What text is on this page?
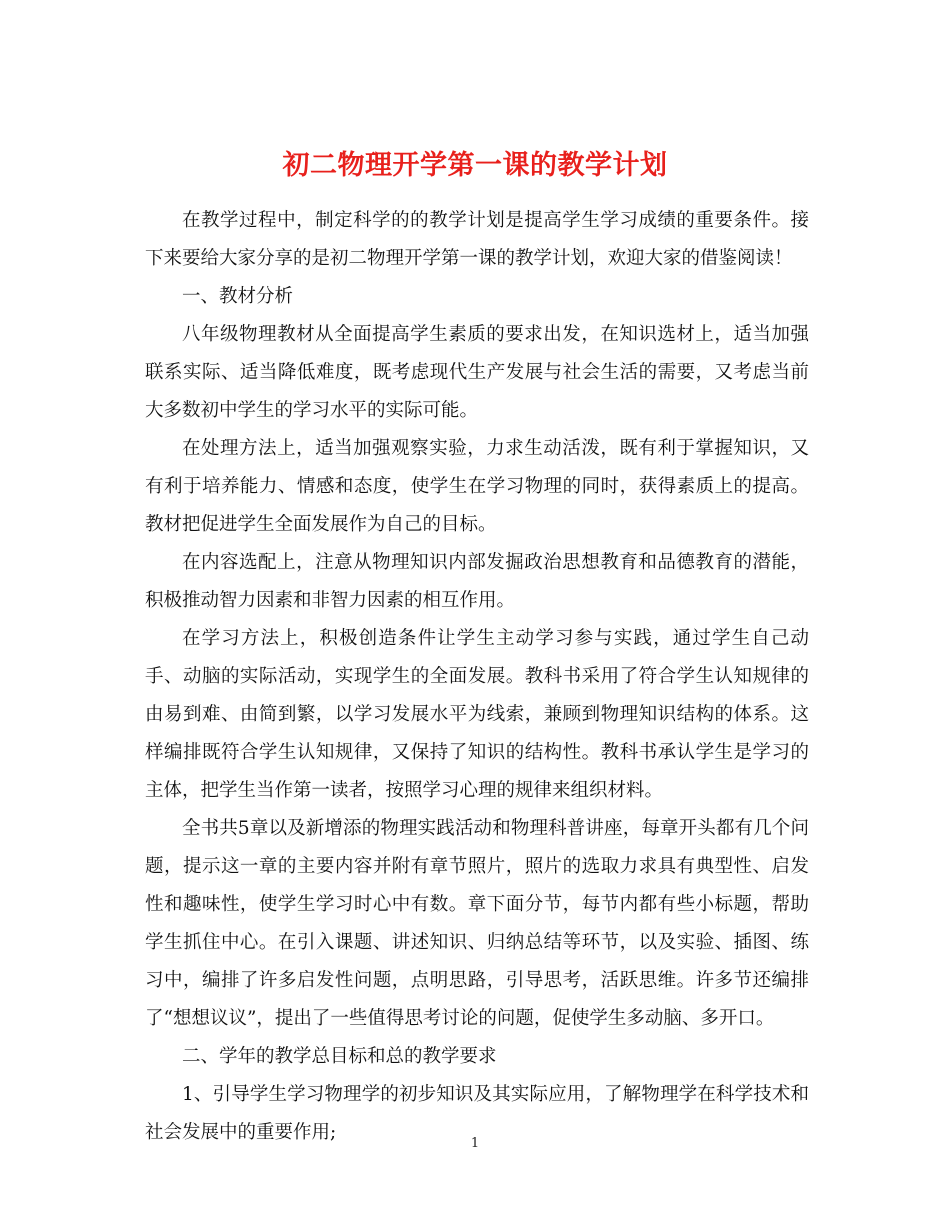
初二物理开学第一课的教学计划

在教学过程中，制定科学的的教学计划是提高学生学习成绩的重要条件。接下来要给大家分享的是初二物理开学第一课的教学计划，欢迎大家的借鉴阅读！

一、教材分析

八年级物理教材从全面提高学生素质的要求出发，在知识选材上，适当加强联系实际、适当降低难度，既考虑现代生产发展与社会生活的需要，又考虑当前大多数初中学生的学习水平的实际可能。

在处理方法上，适当加强观察实验，力求生动活泼，既有利于掌握知识，又有利于培养能力、情感和态度，使学生在学习物理的同时，获得素质上的提高。教材把促进学生全面发展作为自己的目标。

在内容选配上，注意从物理知识内部发掘政治思想教育和品德教育的潜能，积极推动智力因素和非智力因素的相互作用。

在学习方法上，积极创造条件让学生主动学习参与实践，通过学生自己动手、动脑的实际活动，实现学生的全面发展。教科书采用了符合学生认知规律的由易到难、由简到繁，以学习发展水平为线索，兼顾到物理知识结构的体系。这样编排既符合学生认知规律，又保持了知识的结构性。教科书承认学生是学习的主体，把学生当作第一读者，按照学习心理的规律来组织材料。

全书共5章以及新增添的物理实践活动和物理科普讲座，每章开头都有几个问题，提示这一章的主要内容并附有章节照片，照片的选取力求具有典型性、启发性和趣味性，使学生学习时心中有数。章下面分节，每节内都有些小标题，帮助学生抓住中心。在引入课题、讲述知识、归纳总结等环节，以及实验、插图、练习中，编排了许多启发性问题，点明思路，引导思考，活跃思维。许多节还编排了“想想议议”，提出了一些值得思考讨论的问题，促使学生多动脑、多开口。

二、学年的教学总目标和总的教学要求

1、引导学生学习物理学的初步知识及其实际应用，了解物理学在科学技术和社会发展中的重要作用;

1
